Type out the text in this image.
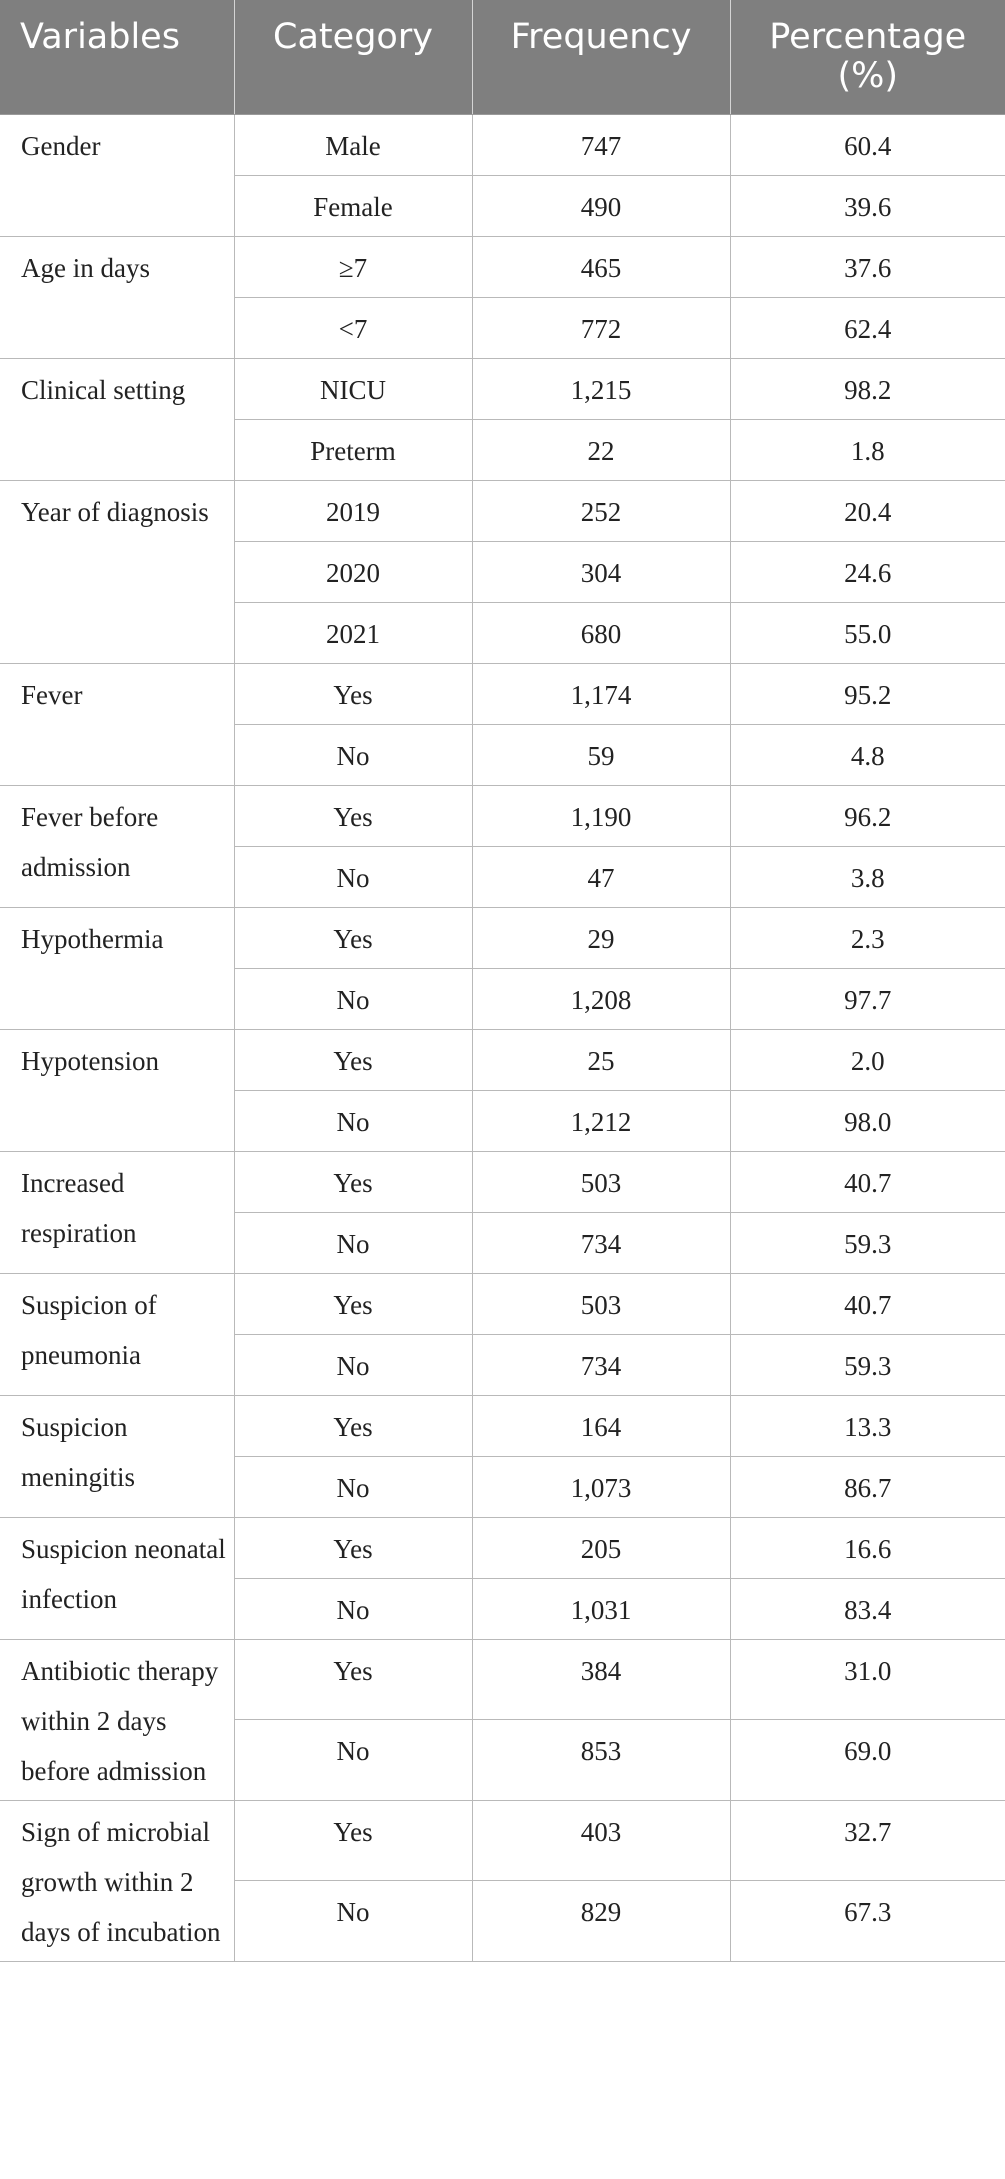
Variables	Category	Frequency	Percentage (%)
Gender	Male	747	60.4
	Female	490	39.6
Age in days	≥7	465	37.6
	<7	772	62.4
Clinical setting	NICU	1,215	98.2
	Preterm	22	1.8
Year of diagnosis	2019	252	20.4
	2020	304	24.6
	2021	680	55.0
Fever	Yes	1,174	95.2
	No	59	4.8
Fever before admission	Yes	1,190	96.2
	No	47	3.8
Hypothermia	Yes	29	2.3
	No	1,208	97.7
Hypotension	Yes	25	2.0
	No	1,212	98.0
Increased respiration	Yes	503	40.7
	No	734	59.3
Suspicion of pneumonia	Yes	503	40.7
	No	734	59.3
Suspicion meningitis	Yes	164	13.3
	No	1,073	86.7
Suspicion neonatal infection	Yes	205	16.6
	No	1,031	83.4
Antibiotic therapy within 2 days before admission	Yes	384	31.0
	No	853	69.0
Sign of microbial growth within 2 days of incubation	Yes	403	32.7
	No	829	67.3
